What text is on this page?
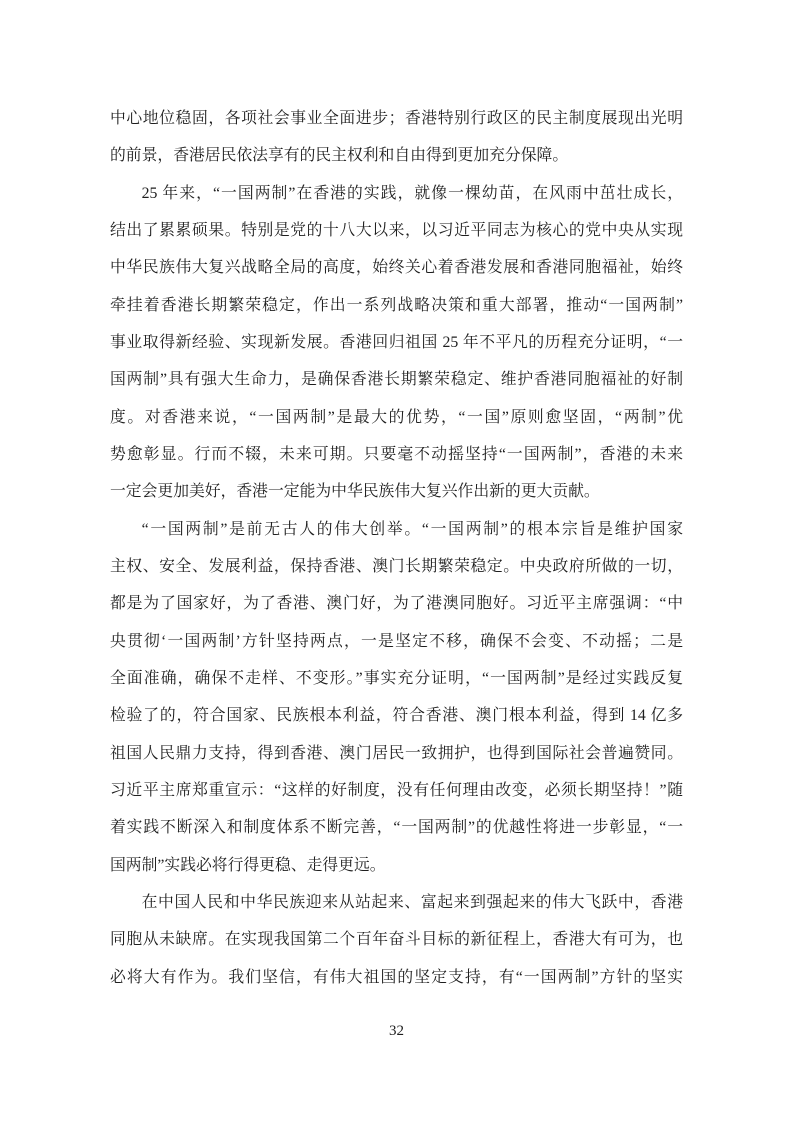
中心地位稳固，各项社会事业全面进步；香港特别行政区的民主制度展现出光明
的前景，香港居民依法享有的民主权利和自由得到更加充分保障。
25 年来，“一国两制”在香港的实践，就像一棵幼苗，在风雨中茁壮成长，
结出了累累硕果。特别是党的十八大以来，以习近平同志为核心的党中央从实现
中华民族伟大复兴战略全局的高度，始终关心着香港发展和香港同胞福祉，始终
牵挂着香港长期繁荣稳定，作出一系列战略决策和重大部署，推动“一国两制”
事业取得新经验、实现新发展。香港回归祖国 25 年不平凡的历程充分证明，“一
国两制”具有强大生命力，是确保香港长期繁荣稳定、维护香港同胞福祉的好制
度。对香港来说，“一国两制”是最大的优势，“一国”原则愈坚固，“两制”优
势愈彰显。行而不辍，未来可期。只要毫不动摇坚持“一国两制”，香港的未来
一定会更加美好，香港一定能为中华民族伟大复兴作出新的更大贡献。
“一国两制”是前无古人的伟大创举。“一国两制”的根本宗旨是维护国家
主权、安全、发展利益，保持香港、澳门长期繁荣稳定。中央政府所做的一切，
都是为了国家好，为了香港、澳门好，为了港澳同胞好。习近平主席强调：“中
央贯彻‘一国两制’方针坚持两点，一是坚定不移，确保不会变、不动摇；二是
全面准确，确保不走样、不变形。”事实充分证明，“一国两制”是经过实践反复
检验了的，符合国家、民族根本利益，符合香港、澳门根本利益，得到 14 亿多
祖国人民鼎力支持，得到香港、澳门居民一致拥护，也得到国际社会普遍赞同。
习近平主席郑重宣示：“这样的好制度，没有任何理由改变，必须长期坚持！”随
着实践不断深入和制度体系不断完善，“一国两制”的优越性将进一步彰显，“一
国两制”实践必将行得更稳、走得更远。
在中国人民和中华民族迎来从站起来、富起来到强起来的伟大飞跃中，香港
同胞从未缺席。在实现我国第二个百年奋斗目标的新征程上，香港大有可为，也
必将大有作为。我们坚信，有伟大祖国的坚定支持，有“一国两制”方针的坚实
32
